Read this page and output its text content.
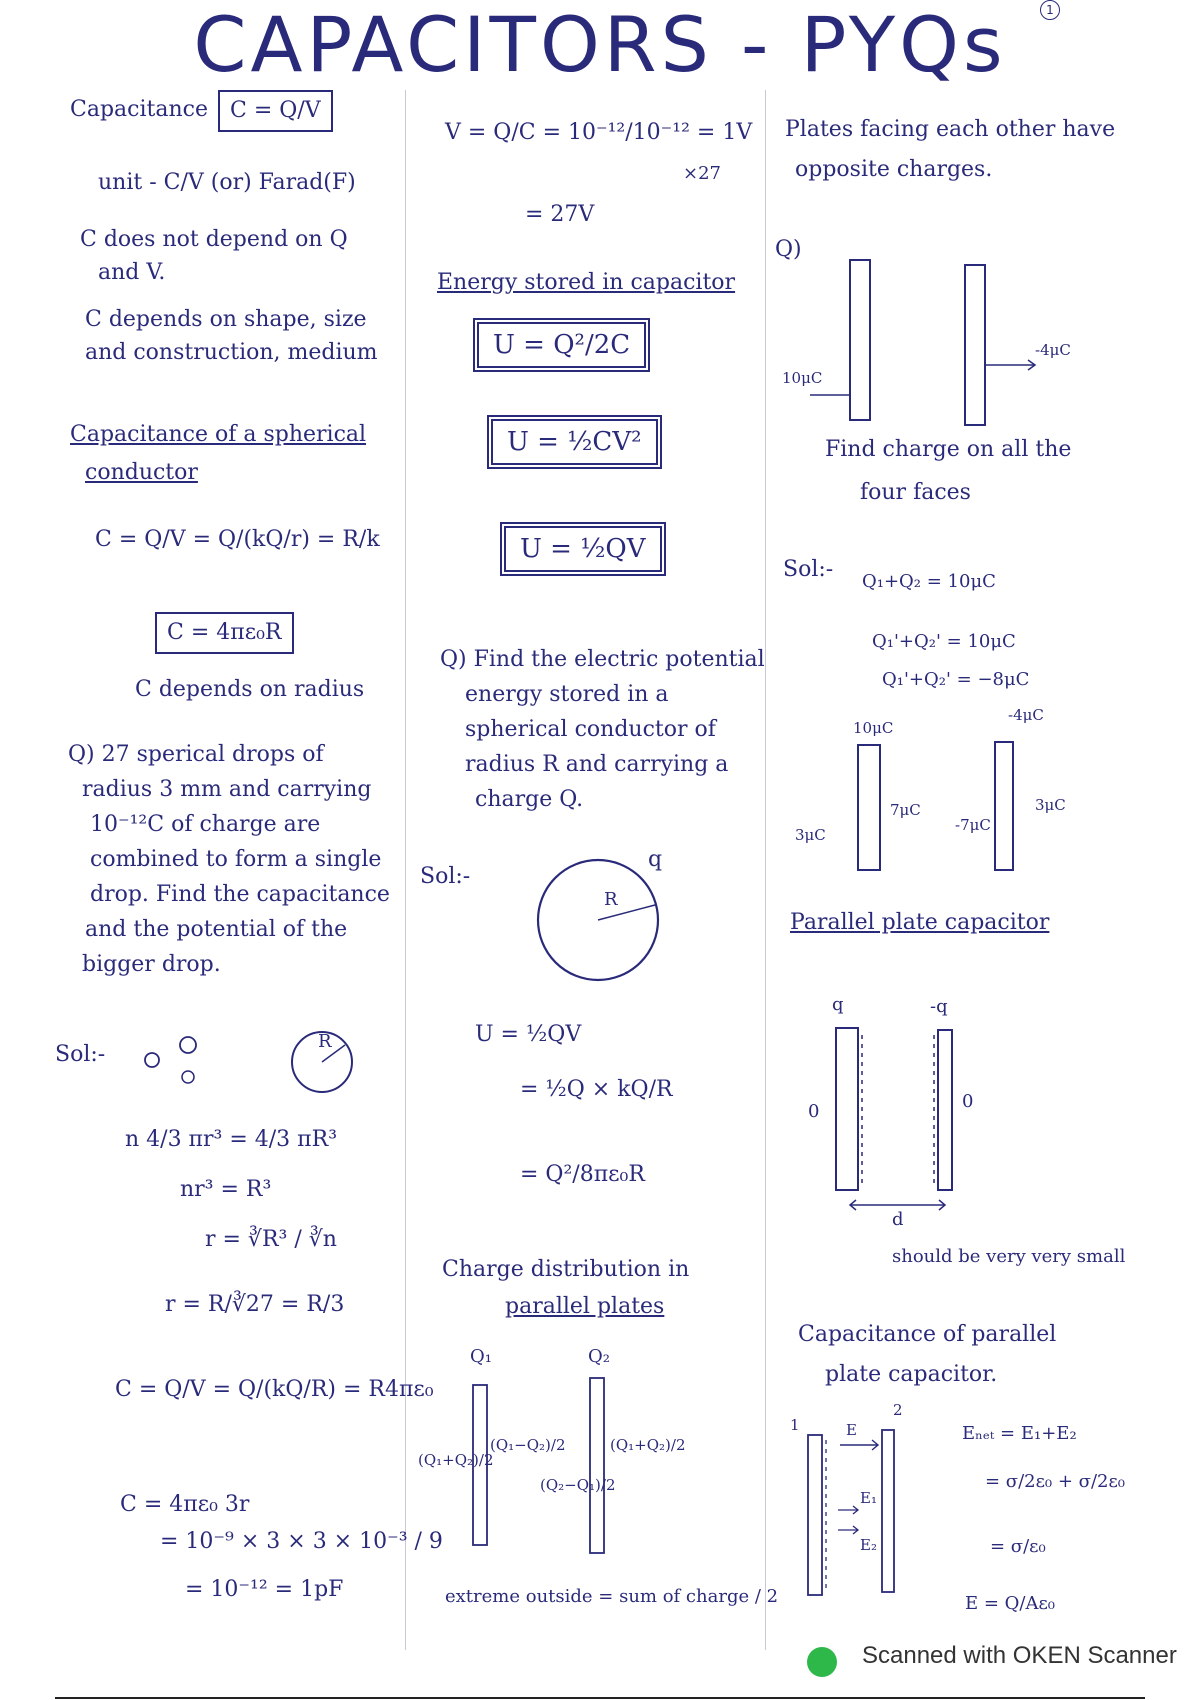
CAPACITORS - PYQs	1
Capacitance	C = Q/V
unit - C/V (or) Farad(F)
C does not depend on Q
and V.
C depends on shape, size
and construction, medium
Capacitance of a spherical
conductor
C = Q/V = Q/(kQ/r) = R/k
C = 4πε₀R
C depends on radius
Q) 27 sperical drops of
radius 3 mm and carrying
10⁻¹²C of charge are
combined to form a single
drop. Find the capacitance
and the potential of the
bigger drop.
Sol:-
R
n 4/3 πr³ = 4/3 πR³
nr³ = R³
r = ∛R³ / ∛n
r = R/∛27 = R/3
C = Q/V = Q/(kQ/R) = R4πε₀
C = 4πε₀ 3r
= 10⁻⁹ × 3 × 3 × 10⁻³ / 9
= 10⁻¹² = 1pF
V = Q/C = 10⁻¹²/10⁻¹² = 1V
×27
= 27V
Energy stored in capacitor
U = Q²/2C
U = ½CV²
U = ½QV
Q) Find the electric potential
energy stored in a
spherical conductor of
radius R and carrying a
charge Q.
Sol:-
R
q
U = ½QV
= ½Q × kQ/R
= Q²/8πε₀R
Charge distribution in
parallel plates
Q₁	Q₂
(Q₁+Q₂)/2
(Q₁−Q₂)/2
(Q₂−Q₁)/2
(Q₁+Q₂)/2
extreme outside = sum of charge / 2
Plates facing each other have
opposite charges.
Q)
10μC
-4μC
Find charge on all the
four faces
Sol:- Q₁+Q₂ = 10μC
Q₁'+Q₂' = 10μC
Q₁'+Q₂' = −8μC
10μC
-4μC
3μC
7μC
-7μC
3μC
Parallel plate capacitor
q	-q
0	0
d
should be very very small
Capacitance of parallel
plate capacitor.
1
2
E
E₁
E₂
Eₙₑₜ = E₁+E₂
= σ/2ε₀ + σ/2ε₀
= σ/ε₀
E = Q/Aε₀
Scanned with OKEN Scanner
